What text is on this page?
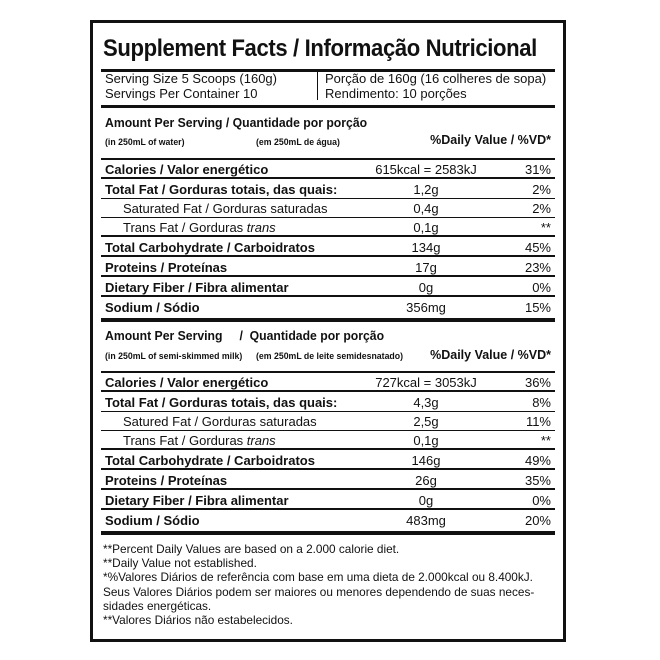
Supplement Facts / Informação Nutricional
Serving Size 5 Scoops (160g)
Servings Per Container 10
Porção de 160g (16 colheres de sopa)
Rendimento: 10 porções
Amount Per Serving / Quantidade por porção
(in 250mL of water)	(em 250mL de água)	%Daily Value / %VD*
Calories / Valor energético	615kcal = 2583kJ	31%
Total Fat / Gorduras totais, das quais:	1,2g	2%
Saturated Fat / Gorduras saturadas	0,4g	2%
Trans Fat / Gorduras trans	0,1g	**
Total Carbohydrate / Carboidratos	134g	45%
Proteins / Proteínas	17g	23%
Dietary Fiber / Fibra alimentar	0g	0%
Sodium / Sódio	356mg	15%
Amount Per Serving     /  Quantidade por porção
(in 250mL of semi-skimmed milk) (em 250mL de leite semidesnatado) %Daily Value / %VD*
Calories / Valor energético	727kcal = 3053kJ	36%
Total Fat / Gorduras totais, das quais:	4,3g	8%
Satured Fat / Gorduras saturadas	2,5g	11%
Trans Fat / Gorduras trans	0,1g	**
Total Carbohydrate / Carboidratos	146g	49%
Proteins / Proteínas	26g	35%
Dietary Fiber / Fibra alimentar	0g	0%
Sodium / Sódio	483mg	20%
**Percent Daily Values are based on a 2.000 calorie diet.
**Daily Value not established.
*%Valores Diários de referência com base em uma dieta de 2.000kcal ou 8.400kJ.
Seus Valores Diários podem ser maiores ou menores dependendo de suas neces-
sidades energéticas.
**Valores Diários não estabelecidos.
